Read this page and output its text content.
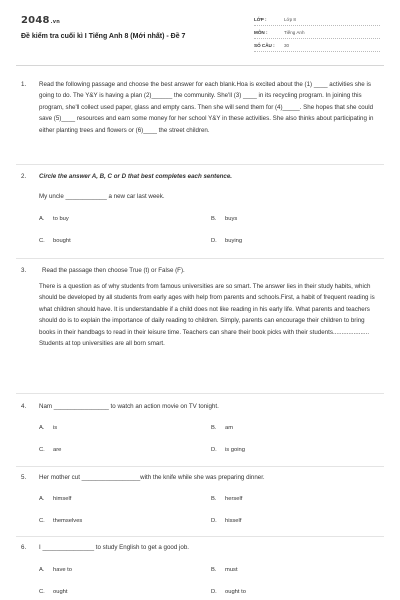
2048.vn
Đề kiểm tra cuối kì I Tiếng Anh 8 (Mới nhất) - Đề 7
LỚP :	Lớp 8
MÔN :	Tiếng Anh
SỐ CÂU :	30
1. Read the following passage and choose the best answer for each blank.Hoa is excited about the (1) ____ activities she is going to do. The Y&Y is having a plan (2)______ the community. She'll (3) ____ in its recycling program. In joining this program, she'll collect used paper, glass and empty cans. Then she will send them for (4)_____. She hopes that she could save (5)____ resources and earn some money for her school Y&Y in these activities. She also thinks about participating in either planting trees and flowers or (6)____ the street children.
2. Circle the answer A, B, C or D that best completes each sentence.
My uncle ____________ a new car last week.
A. to buy	B. buys
C. bought	D. buying
3.	Read the passage then choose True (t) or False (F).
There is a question as of why students from famous universities are so smart. The answer lies in their study habits, which should be developed by all students from early ages with help from parents and schools.First, a habit of frequent reading is what children should have. It is understandable if a child does not like reading in his early life. What parents and teachers should do is to explain the importance of daily reading to children. Simply, parents can encourage their children to bring books in their handbags to read in their leisure time. Teachers can share their book picks with their students..................... Students at top universities are all born smart.
4. Nam ________________ to watch an action movie on TV tonight.
A. is	B. am
C. are	D. is going
5. Her mother cut _________________with the knife while she was preparing dinner.
A. himself	B. herself
C. themselves	D. hisself
6. I _______________ to study English to get a good job.
A. have to	B. must
C. ought	D. ought to
